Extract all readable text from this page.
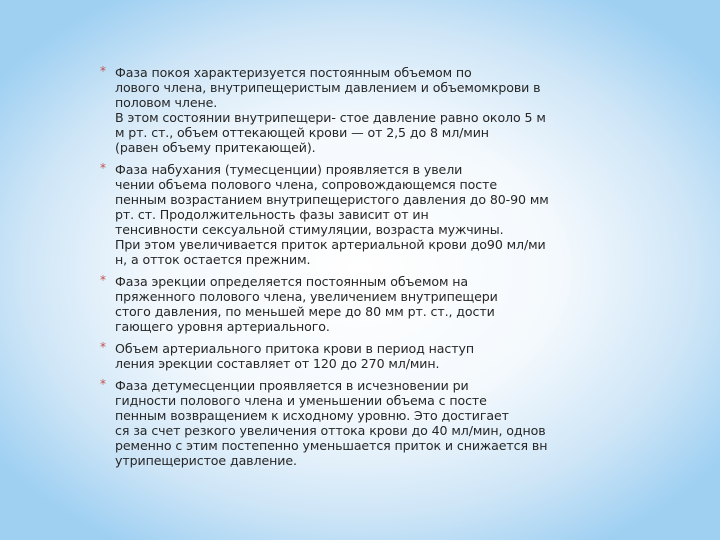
* Фаза покоя характеризуется постоянным объемом по
лового члена, внутрипещеристым давлением и объемомкрови в
половом члене.
В этом состоянии внутрипещери- стое давление равно около 5 м
м рт. ст., объем оттекающей крови — от 2,5 до 8 мл/мин
(равен объему притекающей).
* Фаза набухания (тумесценции) проявляется в увели
чении объема полового члена, сопровождающемся посте
пенным возрастанием внутрипещеристого давления до 80-90 мм
рт. ст. Продолжительность фазы зависит от ин
тенсивности сексуальной стимуляции, возраста мужчины.
При этом увеличивается приток артериальной крови до90 мл/ми
н, а отток остается прежним.
* Фаза эрекции определяется постоянным объемом на
пряженного полового члена, увеличением внутрипещери
стого давления, по меньшей мере до 80 мм рт. ст., дости
гающего уровня артериального.
* Объем артериального притока крови в период наступ
ления эрекции составляет от 120 до 270 мл/мин.
* Фаза детумесценции проявляется в исчезновении ри
гидности полового члена и уменьшении объема с посте
пенным возвращением к исходному уровню. Это достигает
ся за счет резкого увеличения оттока крови до 40 мл/мин, однов
ременно с этим постепенно уменьшается приток и снижается вн
утрипещеристое давление.
